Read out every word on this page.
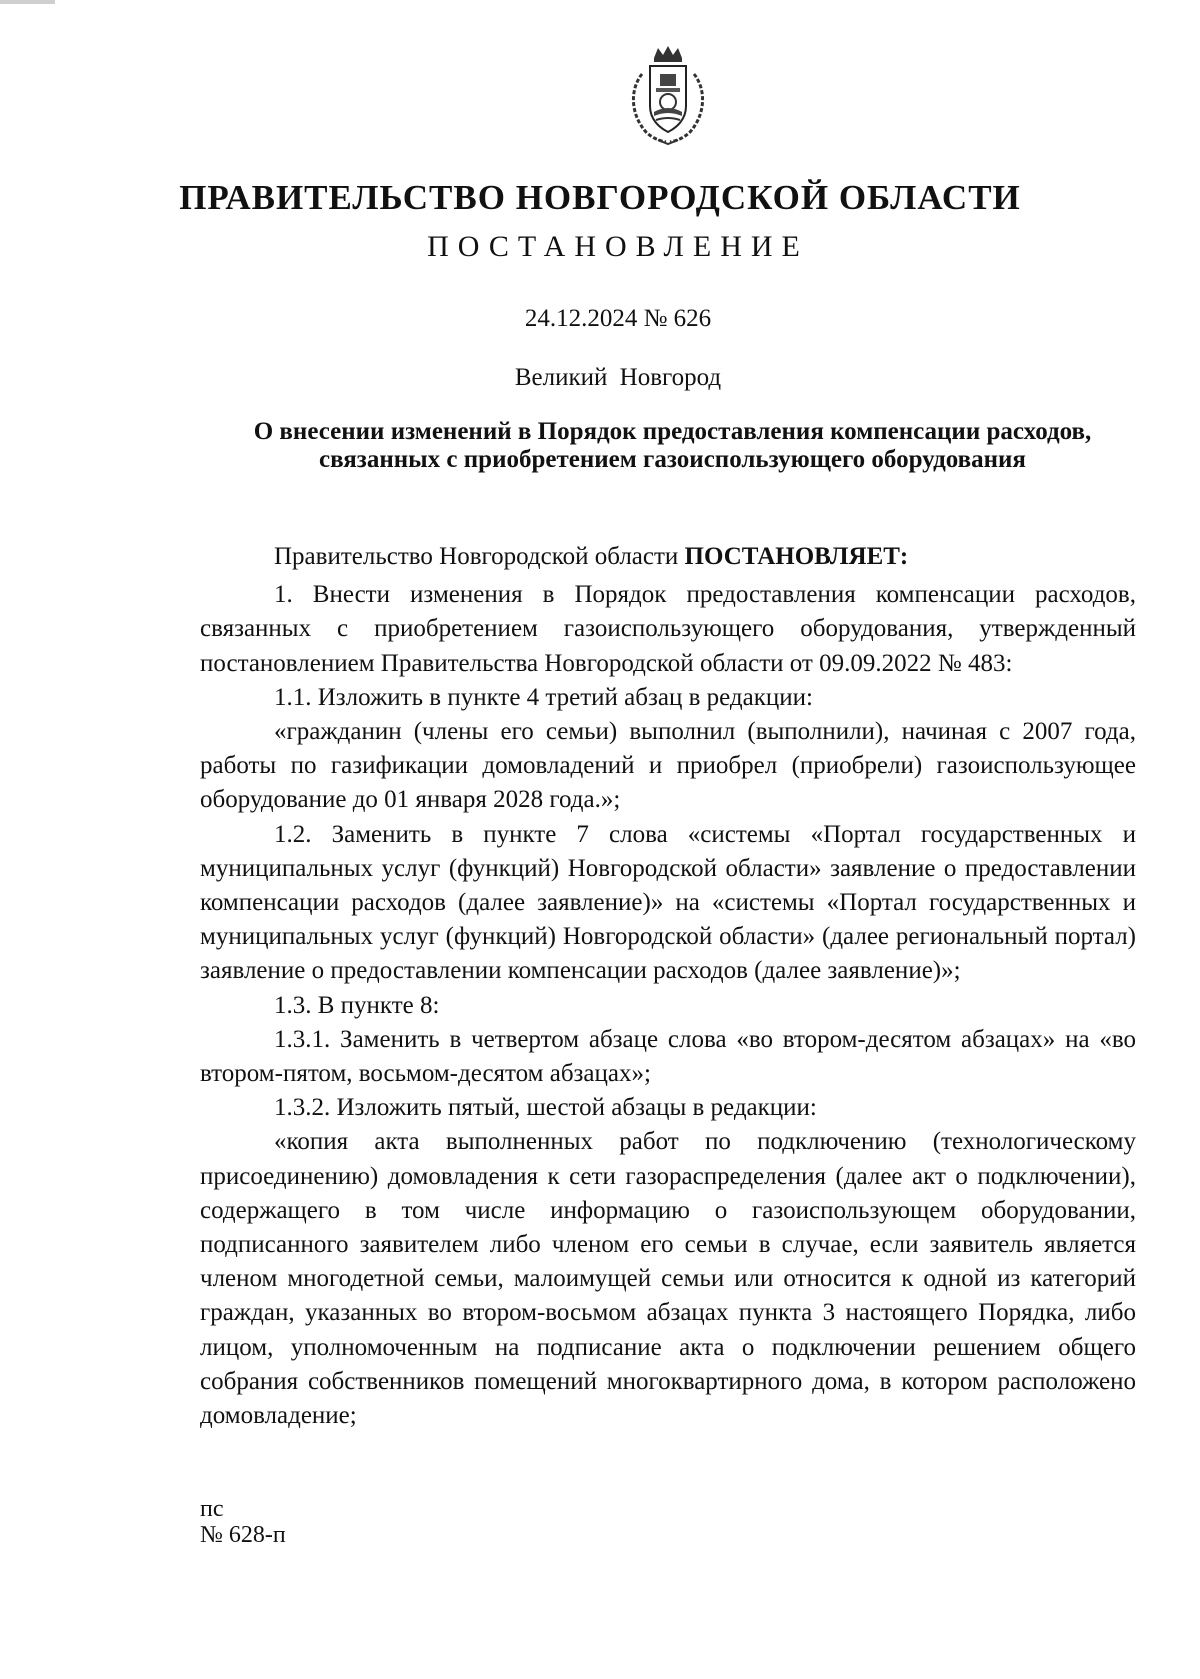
ПРАВИТЕЛЬСТВО НОВГОРОДСКОЙ ОБЛАСТИ
ПОСТАНОВЛЕНИЕ
24.12.2024 № 626
Великий Новгород
О внесении изменений в Порядок предоставления компенсации расходов,
связанных с приобретением газоиспользующего оборудования

Правительство Новгородской области ПОСТАНОВЛЯЕТ:

1. Внести изменения в Порядок предоставления компенсации расходов, связанных с приобретением газоиспользующего оборудования, утвержденный постановлением Правительства Новгородской области от 09.09.2022 № 483:

1.1. Изложить в пункте 4 третий абзац в редакции:

«гражданин (члены его семьи) выполнил (выполнили), начиная с 2007 года, работы по газификации домовладений и приобрел (приобрели) газоиспользующее оборудование до 01 января 2028 года.»;

1.2. Заменить в пункте 7 слова «системы «Портал государственных и муниципальных услуг (функций) Новгородской области» заявление о предоставлении компенсации расходов (далее заявление)» на «системы «Портал государственных и муниципальных услуг (функций) Новгородской области» (далее региональный портал) заявление о предоставлении компенсации расходов (далее заявление)»;

1.3. В пункте 8:

1.3.1. Заменить в четвертом абзаце слова «во втором-десятом абзацах» на «во втором-пятом, восьмом-десятом абзацах»;

1.3.2. Изложить пятый, шестой абзацы в редакции:

«копия акта выполненных работ по подключению (технологическому присоединению) домовладения к сети газораспределения (далее акт о подключении), содержащего в том числе информацию о газоиспользующем оборудовании, подписанного заявителем либо членом его семьи в случае, если заявитель является членом многодетной семьи, малоимущей семьи или относится к одной из категорий граждан, указанных во втором-восьмом абзацах пункта 3 настоящего Порядка, либо лицом, уполномоченным на подписание акта о подключении решением общего собрания собственников помещений многоквартирного дома, в котором расположено домовладение;

пс
№ 628-п
